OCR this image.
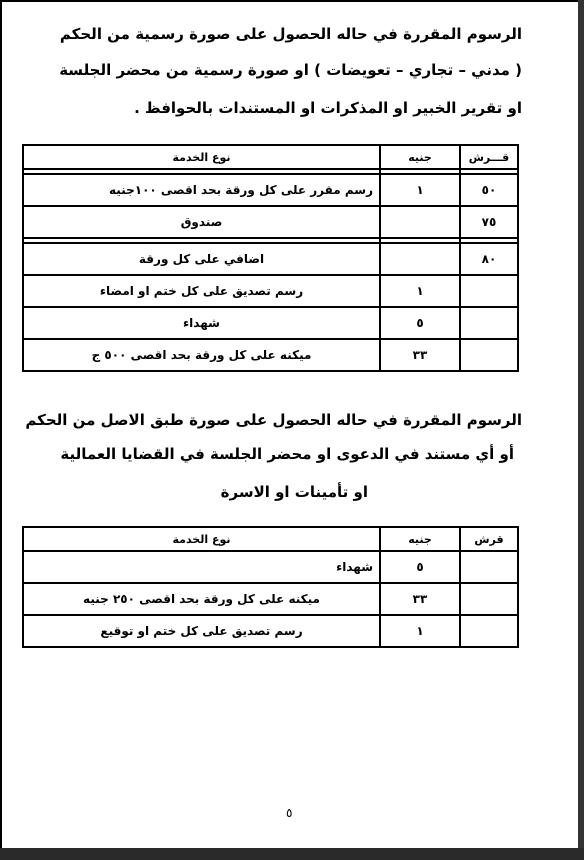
الرسوم المقررة في حاله الحصول على صورة رسمية من الحكم
( مدني – تجاري – تعويضات ) او صورة رسمية من محضر الجلسة
او تقرير الخبير او المذكرات او المستندات بالحوافظ .
قـــرش	جنيه	نوع الخدمة

٥٠	١	رسم مقرر على كل ورقة بحد اقصى ١٠٠جنيه
٧٥		صندوق

٨٠		اضافي على كل ورقة
	١	رسم تصديق على كل ختم او امضاء
	٥	شهداء
	٣٣	ميكنه على كل ورقة بحد اقصى ٥٠٠ ج
الرسوم المقررة في حاله الحصول على صورة طبق الاصل من الحكم
أو أي مستند في الدعوى او محضر الجلسة في القضايا العمالية
او تأمينات او الاسرة
قرش	جنيه	نوع الخدمة
	٥	شهداء
	٣٣	ميكنه على كل ورقة بحد اقصى ٢٥٠ جنيه
	١	رسم تصديق على كل ختم او توقيع
٥
